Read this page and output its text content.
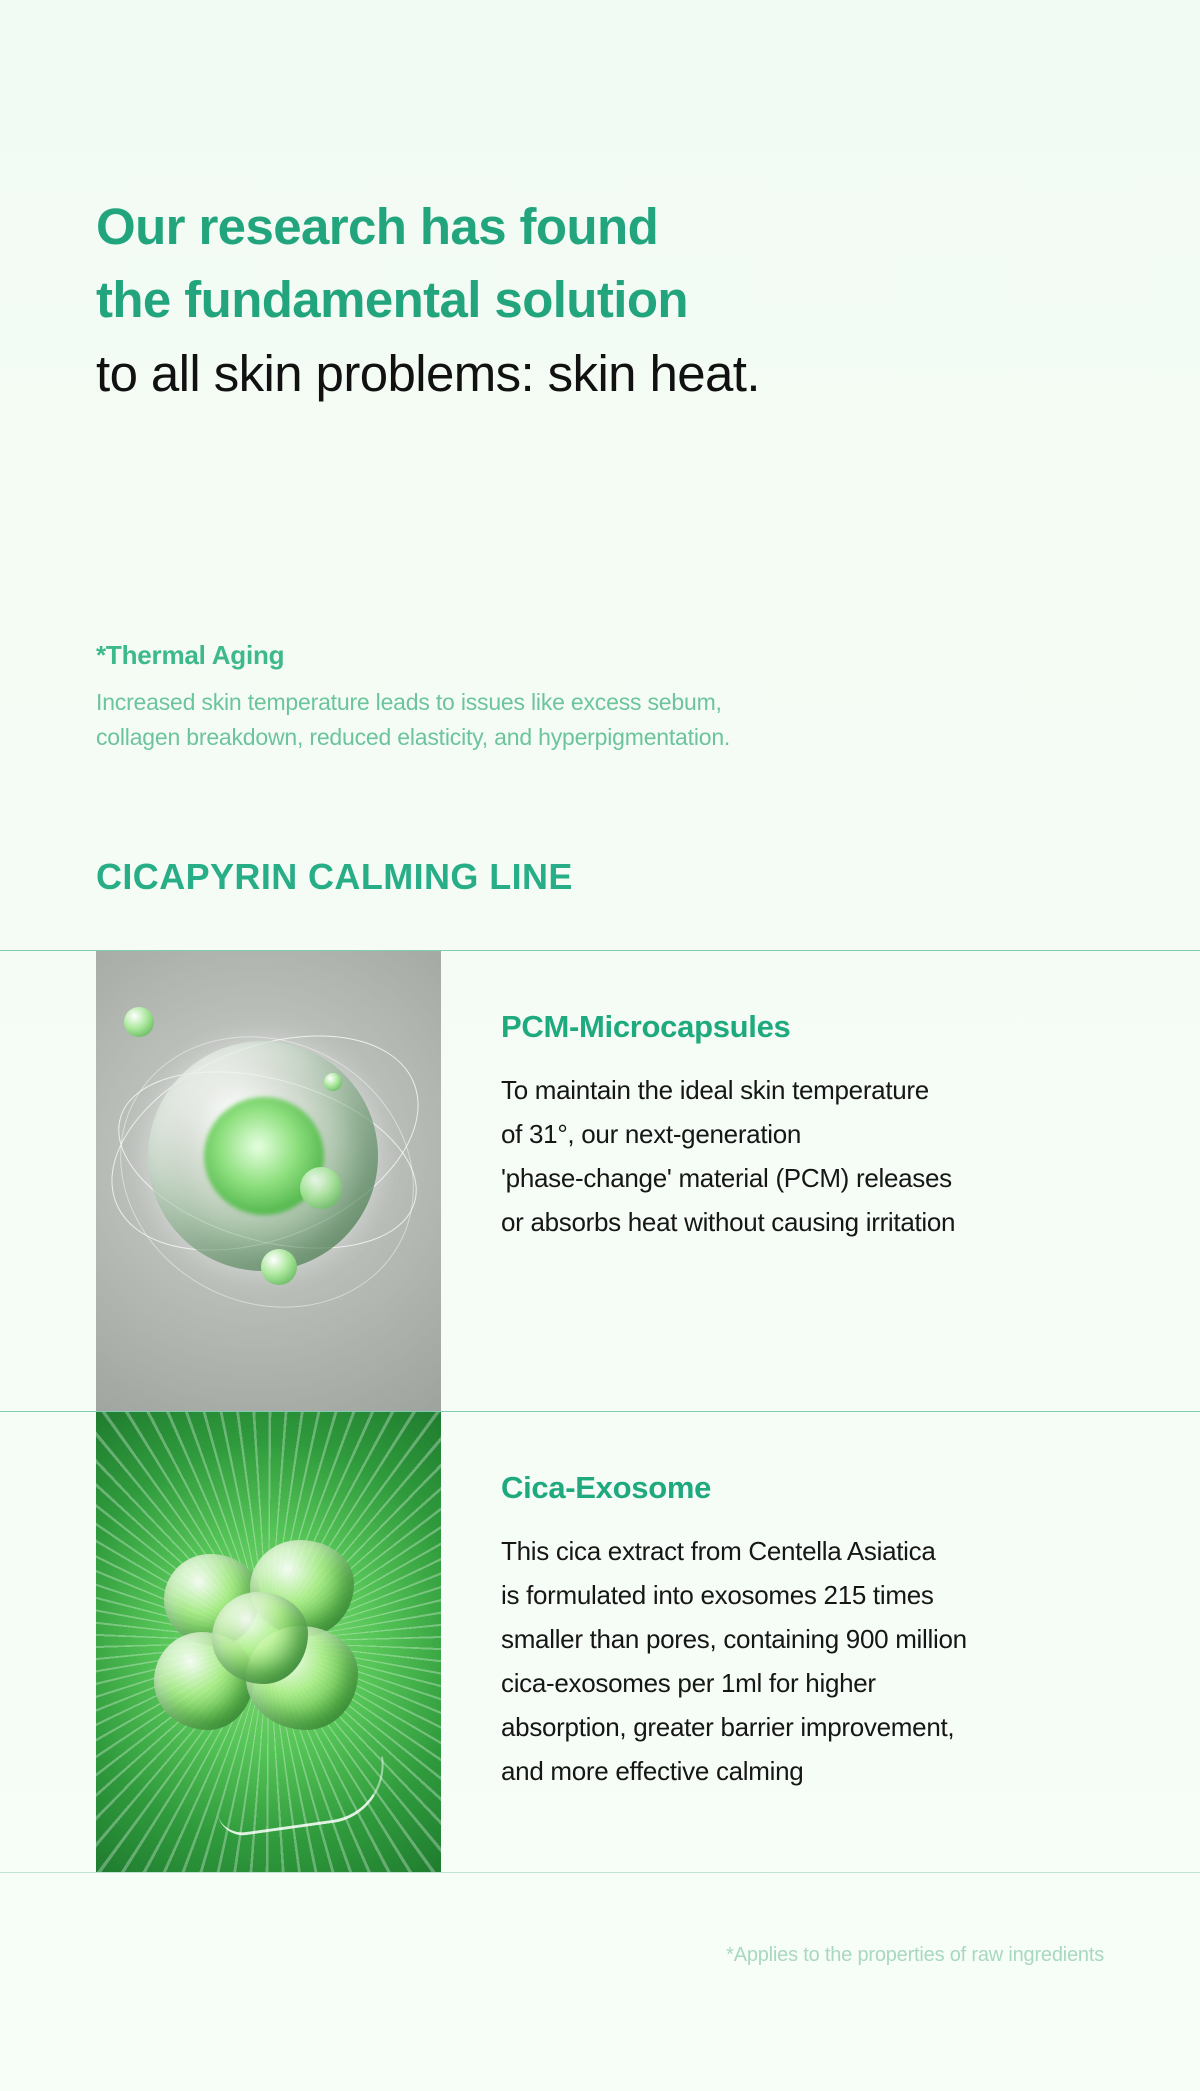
Our research has found
the fundamental solution
to all skin problems: skin heat.
*Thermal Aging
Increased skin temperature leads to issues like excess sebum,
collagen breakdown, reduced elasticity, and hyperpigmentation.
CICAPYRIN CALMING LINE
PCM-Microcapsules
To maintain the ideal skin temperature
of 31°, our next-generation
'phase-change' material (PCM) releases
or absorbs heat without causing irritation
Cica-Exosome
This cica extract from Centella Asiatica
is formulated into exosomes 215 times
smaller than pores, containing 900 million
cica-exosomes per 1ml for higher
absorption, greater barrier improvement,
and more effective calming
*Applies to the properties of raw ingredients
